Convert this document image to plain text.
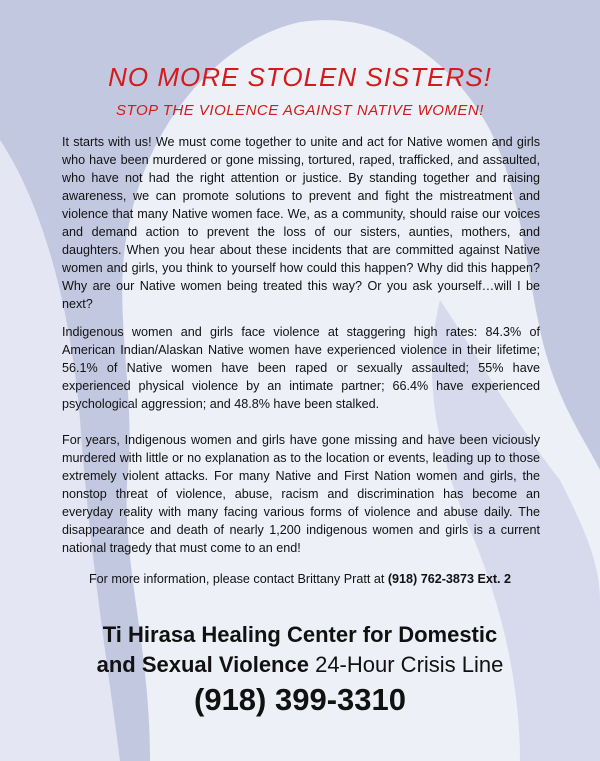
NO MORE STOLEN SISTERS!
STOP THE VIOLENCE AGAINST NATIVE WOMEN!
It starts with us! We must come together to unite and act for Native women and girls who have been murdered or gone missing, tortured, raped, trafficked, and assaulted, who have not had the right attention or justice. By standing together and raising awareness, we can promote solutions to prevent and fight the mistreatment and violence that many Native women face. We, as a community, should raise our voices and demand action to prevent the loss of our sisters, aunties, mothers, and daughters. When you hear about these incidents that are committed against Native women and girls, you think to yourself how could this happen? Why did this happen? Why are our Native women being treated this way? Or you ask yourself…will I be next?
Indigenous women and girls face violence at staggering high rates: 84.3% of American Indian/Alaskan Native women have experienced violence in their lifetime; 56.1% of Native women have been raped or sexually assaulted; 55% have experienced physical violence by an intimate partner; 66.4% have experienced psychological aggression; and 48.8% have been stalked.
For years, Indigenous women and girls have gone missing and have been viciously murdered with little or no explanation as to the location or events, leading up to those extremely violent attacks. For many Native and First Nation women and girls, the nonstop threat of violence, abuse, racism and discrimination has become an everyday reality with many facing various forms of violence and abuse daily. The disappearance and death of nearly 1,200 indigenous women and girls is a current national tragedy that must come to an end!
For more information, please contact Brittany Pratt at (918) 762-3873 Ext. 2
Ti Hirasa Healing Center for Domestic
and Sexual Violence 24-Hour Crisis Line
(918) 399-3310
